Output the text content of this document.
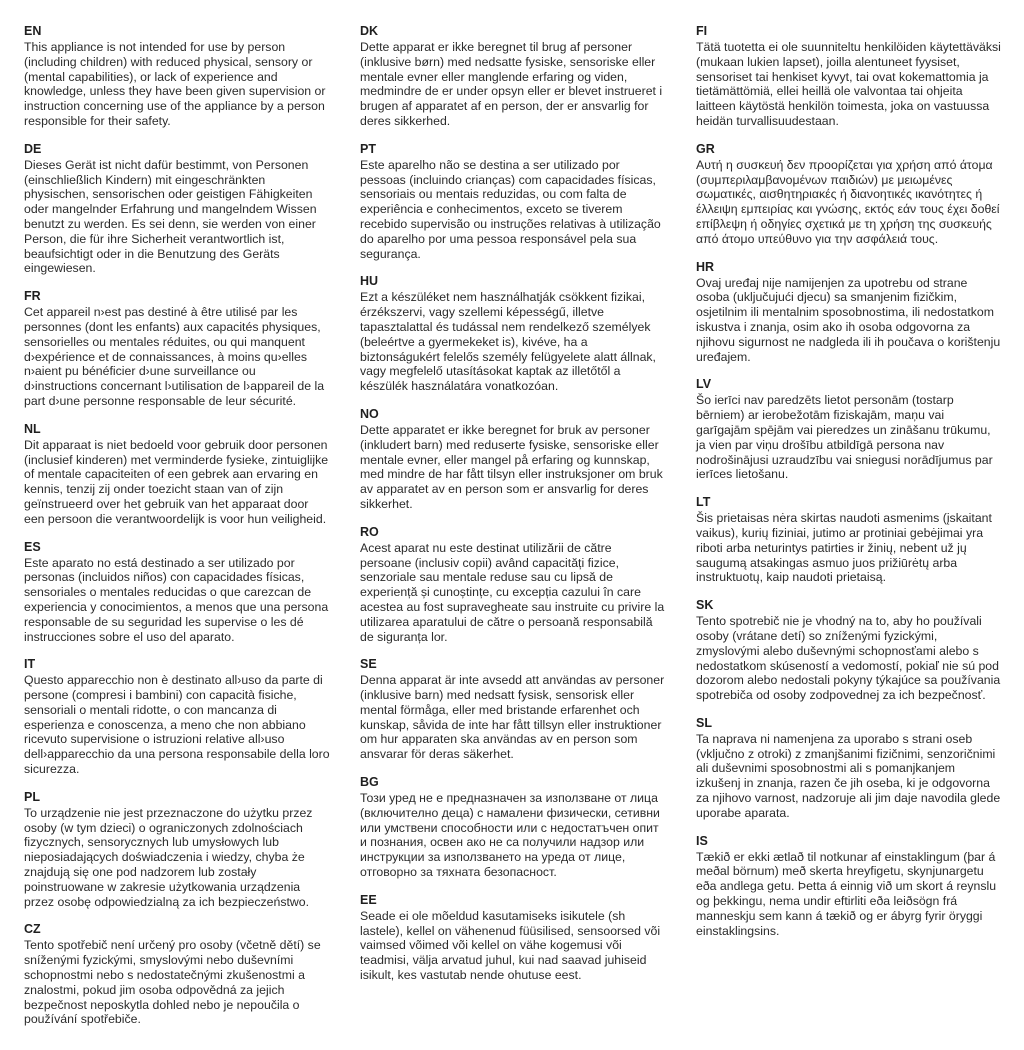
EN

This appliance is not intended for use by person (including children) with reduced physical, sensory or (mental capabilities), or lack of experience and knowledge, unless they have been given supervision or instruction concerning use of the appliance by a person responsible for their safety.

DE

Dieses Gerät ist nicht dafür bestimmt, von Personen (einschließlich Kindern) mit eingeschränkten physischen, sensorischen oder geistigen Fähigkeiten oder mangelnder Erfahrung und mangelndem Wissen benutzt zu werden. Es sei denn, sie werden von einer Person, die für ihre Sicherheit verantwortlich ist, beaufsichtigt oder in die Benutzung des Geräts eingewiesen.

FR

Cet appareil n›est pas destiné à être utilisé par les personnes (dont les enfants) aux capacités physiques, sensorielles ou mentales réduites, ou qui manquent d›expérience et de connaissances, à moins qu›elles n›aient pu bénéficier d›une surveillance ou d›instructions concernant l›utilisation de l›appareil de la part d›une personne responsable de leur sécurité.

NL

Dit apparaat is niet bedoeld voor gebruik door personen (inclusief kinderen) met verminderde fysieke, zintuiglijke of mentale capaciteiten of een gebrek aan ervaring en kennis, tenzij zij onder toezicht staan van of zijn geïnstrueerd over het gebruik van het apparaat door een persoon die verantwoordelijk is voor hun veiligheid.

ES

Este aparato no está destinado a ser utilizado por personas (incluidos niños) con capacidades físicas, sensoriales o mentales reducidas o que carezcan de experiencia y conocimientos, a menos que una persona responsable de su seguridad les supervise o les dé instrucciones sobre el uso del aparato.

IT

Questo apparecchio non è destinato all›uso da parte di persone (compresi i bambini) con capacità fisiche, sensoriali o mentali ridotte, o con mancanza di esperienza e conoscenza, a meno che non abbiano ricevuto supervisione o istruzioni relative all›uso dell›apparecchio da una persona responsabile della loro sicurezza.

PL

To urządzenie nie jest przeznaczone do użytku przez osoby (w tym dzieci) o ograniczonych zdolnościach fizycznych, sensorycznych lub umysłowych lub nieposiadających doświadczenia i wiedzy, chyba że znajdują się one pod nadzorem lub zostały poinstruowane w zakresie użytkowania urządzenia przez osobę odpowiedzialną za ich bezpieczeństwo.

CZ

Tento spotřebič není určený pro osoby (včetně dětí) se sníženými fyzickými, smyslovými nebo duševními schopnostmi nebo s nedostatečnými zkušenostmi a znalostmi, pokud jim osoba odpovědná za jejich bezpečnost neposkytla dohled nebo je nepoučila o používání spotřebiče.

DK

Dette apparat er ikke beregnet til brug af personer (inklusive børn) med nedsatte fysiske, sensoriske eller mentale evner eller manglende erfaring og viden, medmindre de er under opsyn eller er blevet instrueret i brugen af apparatet af en person, der er ansvarlig for deres sikkerhed.

PT

Este aparelho não se destina a ser utilizado por pessoas (incluindo crianças) com capacidades físicas, sensoriais ou mentais reduzidas, ou com falta de experiência e conhecimentos, exceto se tiverem recebido supervisão ou instruções relativas à utilização do aparelho por uma pessoa responsável pela sua segurança.

HU

Ezt a készüléket nem használhatják csökkent fizikai, érzékszervi, vagy szellemi képességű, illetve tapasztalattal és tudással nem rendelkező személyek (beleértve a gyermekeket is), kivéve, ha a biztonságukért felelős személy felügyelete alatt állnak, vagy megfelelő utasításokat kaptak az illetőtől a készülék használatára vonatkozóan.

NO

Dette apparatet er ikke beregnet for bruk av personer (inkludert barn) med reduserte fysiske, sensoriske eller mentale evner, eller mangel på erfaring og kunnskap, med mindre de har fått tilsyn eller instruksjoner om bruk av apparatet av en person som er ansvarlig for deres sikkerhet.

RO

Acest aparat nu este destinat utilizării de către persoane (inclusiv copii) având capacități fizice, senzoriale sau mentale reduse sau cu lipsă de experiență și cunoștințe, cu excepția cazului în care acestea au fost supravegheate sau instruite cu privire la utilizarea aparatului de către o persoană responsabilă de siguranța lor.

SE

Denna apparat är inte avsedd att användas av personer (inklusive barn) med nedsatt fysisk, sensorisk eller mental förmåga, eller med bristande erfarenhet och kunskap, såvida de inte har fått tillsyn eller instruktioner om hur apparaten ska användas av en person som ansvarar för deras säkerhet.

BG

Този уред не е предназначен за използване от лица (включително деца) с намалени физически, сетивни или умствени способности или с недостатъчен опит и познания, освен ако не са получили надзор или инструкции за използването на уреда от лице, отговорно за тяхната безопасност.

EE

Seade ei ole mõeldud kasutamiseks isikutele (sh lastele), kellel on vähenenud füüsilised, sensoorsed või vaimsed võimed või kellel on vähe kogemusi või teadmisi, välja arvatud juhul, kui nad saavad juhiseid isikult, kes vastutab nende ohutuse eest.

FI

Tätä tuotetta ei ole suunniteltu henkilöiden käytettäväksi (mukaan lukien lapset), joilla alentuneet fyysiset, sensoriset tai henkiset kyvyt, tai ovat kokemattomia ja tietämättömiä, ellei heillä ole valvontaa tai ohjeita laitteen käytöstä henkilön toimesta, joka on vastuussa heidän turvallisuudestaan.

GR

Αυτή η συσκευή δεν προορίζεται για χρήση από άτομα (συμπεριλαμβανομένων παιδιών) με μειωμένες σωματικές, αισθητηριακές ή διανοητικές ικανότητες ή έλλειψη εμπειρίας και γνώσης, εκτός εάν τους έχει δοθεί επίβλεψη ή οδηγίες σχετικά με τη χρήση της συσκευής από άτομο υπεύθυνο για την ασφάλειά τους.

HR

Ovaj uređaj nije namijenjen za upotrebu od strane osoba (uključujući djecu) sa smanjenim fizičkim, osjetilnim ili mentalnim sposobnostima, ili nedostatkom iskustva i znanja, osim ako ih osoba odgovorna za njihovu sigurnost ne nadgleda ili ih poučava o korištenju uređajem.

LV

Šo ierīci nav paredzēts lietot personām (tostarp bērniem) ar ierobežotām fiziskajām, maņu vai garīgajām spējām vai pieredzes un zināšanu trūkumu, ja vien par viņu drošību atbildīgā persona nav nodrošinājusi uzraudzību vai sniegusi norādījumus par ierīces lietošanu.

LT

Šis prietaisas nėra skirtas naudoti asmenims (įskaitant vaikus), kurių fiziniai, jutimo ar protiniai gebėjimai yra riboti arba neturintys patirties ir žinių, nebent už jų saugumą atsakingas asmuo juos prižiūrėtų arba instruktuotų, kaip naudoti prietaisą.

SK

Tento spotrebič nie je vhodný na to, aby ho používali osoby (vrátane detí) so zníženými fyzickými, zmyslovými alebo duševnými schopnosťami alebo s nedostatkom skúseností a vedomostí, pokiaľ nie sú pod dozorom alebo nedostali pokyny týkajúce sa používania spotrebiča od osoby zodpovednej za ich bezpečnosť.

SL

Ta naprava ni namenjena za uporabo s strani oseb (vključno z otroki) z zmanjšanimi fizičnimi, senzoričnimi ali duševnimi sposobnostmi ali s pomanjkanjem izkušenj in znanja, razen če jih oseba, ki je odgovorna za njihovo varnost, nadzoruje ali jim daje navodila glede uporabe aparata.

IS

Tækið er ekki ætlað til notkunar af einstaklingum (þar á meðal börnum) með skerta hreyfigetu, skynjunargetu eða andlega getu. Þetta á einnig við um skort á reynslu og þekkingu, nema undir eftirliti eða leiðsögn frá manneskju sem kann á tækið og er ábyrg fyrir öryggi einstaklingsins.
